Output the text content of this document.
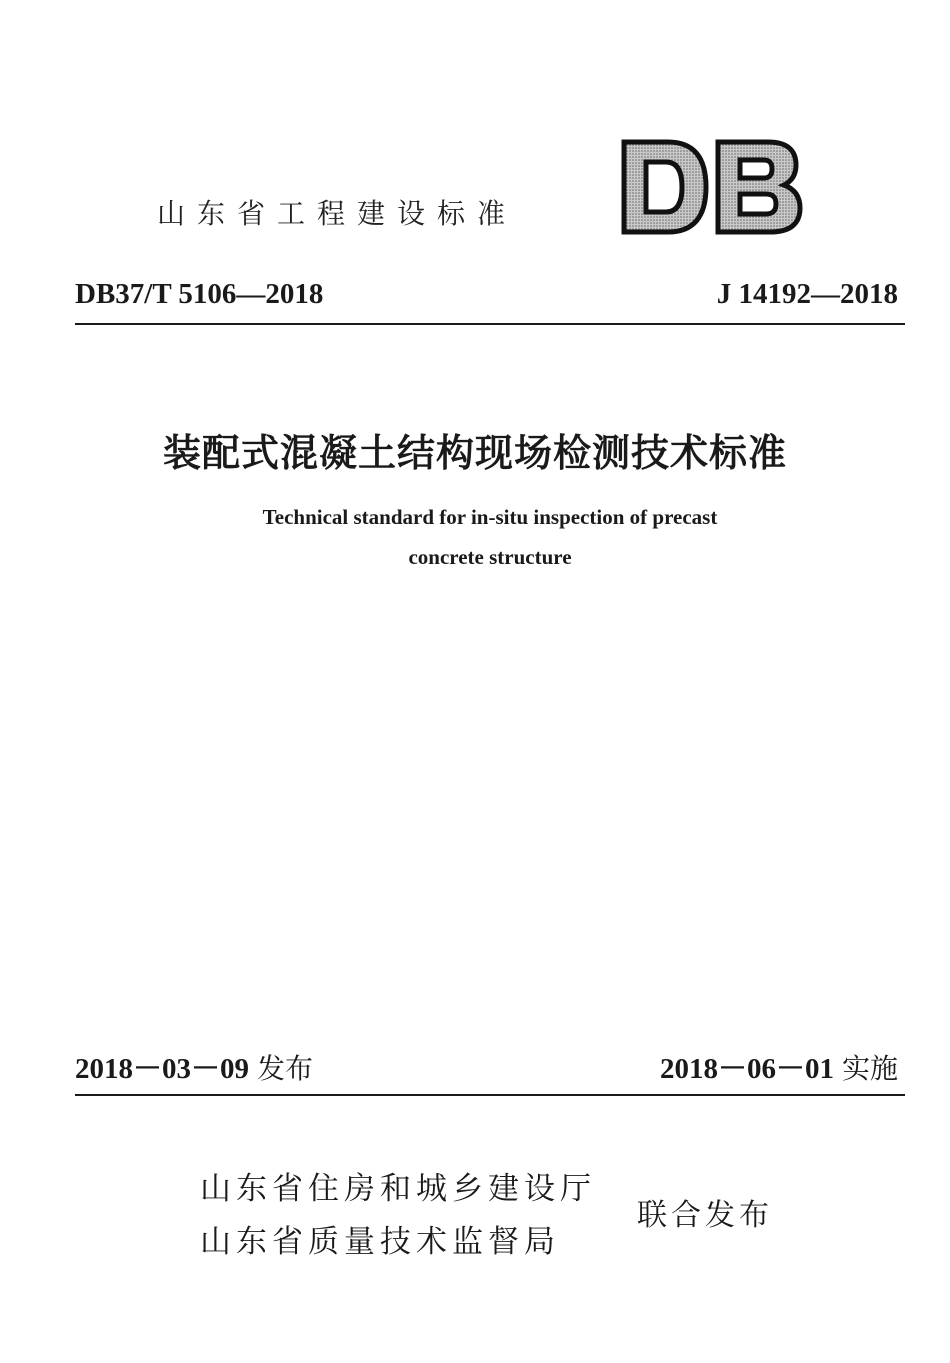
山东省工程建设标准
DB37/T 5106—2018	J 14192—2018
装配式混凝土结构现场检测技术标准
Technical standard for in-situ inspection of precast
concrete structure
2018－03－09 发布	2018－06－01 实施
山东省住房和城乡建设厅
山东省质量技术监督局
联合发布
